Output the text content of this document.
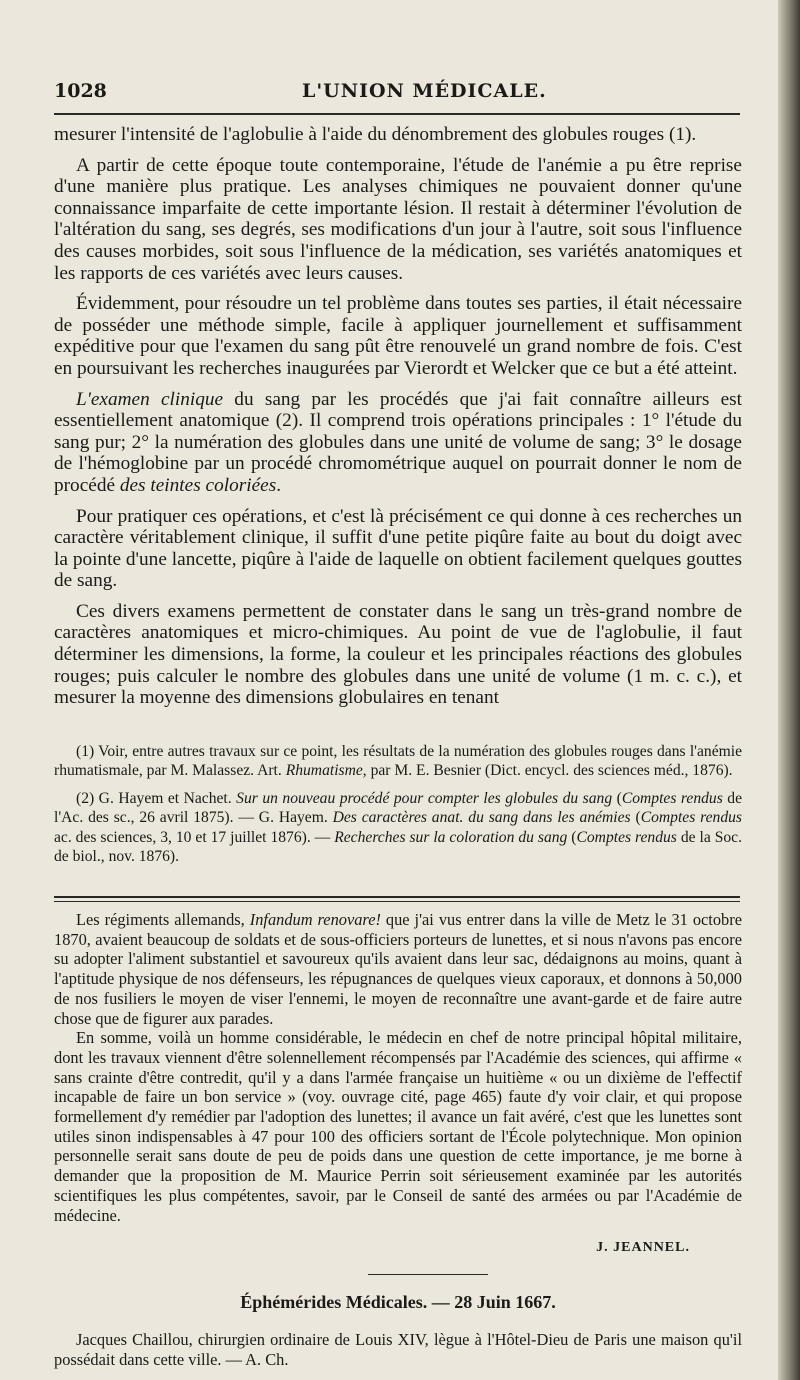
1028	L'UNION MÉDICALE.

mesurer l'intensité de l'aglobulie à l'aide du dénombrement des globules rouges (1).

A partir de cette époque toute contemporaine, l'étude de l'anémie a pu être reprise d'une manière plus pratique. Les analyses chimiques ne pouvaient donner qu'une connaissance imparfaite de cette importante lésion. Il restait à déterminer l'évolution de l'altération du sang, ses degrés, ses modifications d'un jour à l'autre, soit sous l'influence des causes morbides, soit sous l'influence de la médication, ses variétés anatomiques et les rapports de ces variétés avec leurs causes.

Évidemment, pour résoudre un tel problème dans toutes ses parties, il était nécessaire de posséder une méthode simple, facile à appliquer journellement et suffisamment expéditive pour que l'examen du sang pût être renouvelé un grand nombre de fois. C'est en poursuivant les recherches inaugurées par Vierordt et Welcker que ce but a été atteint.

L'examen clinique du sang par les procédés que j'ai fait connaître ailleurs est essentiellement anatomique (2). Il comprend trois opérations principales : 1° l'étude du sang pur; 2° la numération des globules dans une unité de volume de sang; 3° le dosage de l'hémoglobine par un procédé chromométrique auquel on pourrait donner le nom de procédé des teintes coloriées.

Pour pratiquer ces opérations, et c'est là précisément ce qui donne à ces recherches un caractère véritablement clinique, il suffit d'une petite piqûre faite au bout du doigt avec la pointe d'une lancette, piqûre à l'aide de laquelle on obtient facilement quelques gouttes de sang.

Ces divers examens permettent de constater dans le sang un très-grand nombre de caractères anatomiques et micro-chimiques. Au point de vue de l'aglobulie, il faut déterminer les dimensions, la forme, la couleur et les principales réactions des globules rouges; puis calculer le nombre des globules dans une unité de volume (1 m. c. c.), et mesurer la moyenne des dimensions globulaires en tenant

(1) Voir, entre autres travaux sur ce point, les résultats de la numération des globules rouges dans l'anémie rhumatismale, par M. Malassez. Art. Rhumatisme, par M. E. Besnier (Dict. encycl. des sciences méd., 1876).

(2) G. Hayem et Nachet. Sur un nouveau procédé pour compter les globules du sang (Comptes rendus de l'Ac. des sc., 26 avril 1875). — G. Hayem. Des caractères anat. du sang dans les anémies (Comptes rendus ac. des sciences, 3, 10 et 17 juillet 1876). — Recherches sur la coloration du sang (Comptes rendus de la Soc. de biol., nov. 1876).

Les régiments allemands, Infandum renovare! que j'ai vus entrer dans la ville de Metz le 31 octobre 1870, avaient beaucoup de soldats et de sous-officiers porteurs de lunettes, et si nous n'avons pas encore su adopter l'aliment substantiel et savoureux qu'ils avaient dans leur sac, dédaignons au moins, quant à l'aptitude physique de nos défenseurs, les répugnances de quelques vieux caporaux, et donnons à 50,000 de nos fusiliers le moyen de viser l'ennemi, le moyen de reconnaître une avant-garde et de faire autre chose que de figurer aux parades.

En somme, voilà un homme considérable, le médecin en chef de notre principal hôpital militaire, dont les travaux viennent d'être solennellement récompensés par l'Académie des sciences, qui affirme « sans crainte d'être contredit, qu'il y a dans l'armée française un huitième « ou un dixième de l'effectif incapable de faire un bon service » (voy. ouvrage cité, page 465) faute d'y voir clair, et qui propose formellement d'y remédier par l'adoption des lunettes; il avance un fait avéré, c'est que les lunettes sont utiles sinon indispensables à 47 pour 100 des officiers sortant de l'École polytechnique. Mon opinion personnelle serait sans doute de peu de poids dans une question de cette importance, je me borne à demander que la proposition de M. Maurice Perrin soit sérieusement examinée par les autorités scientifiques les plus compétentes, savoir, par le Conseil de santé des armées ou par l'Académie de médecine.

J. JEANNEL.
Éphémérides Médicales. — 28 Juin 1667.

Jacques Chaillou, chirurgien ordinaire de Louis XIV, lègue à l'Hôtel-Dieu de Paris une maison qu'il possédait dans cette ville. — A. Ch.
